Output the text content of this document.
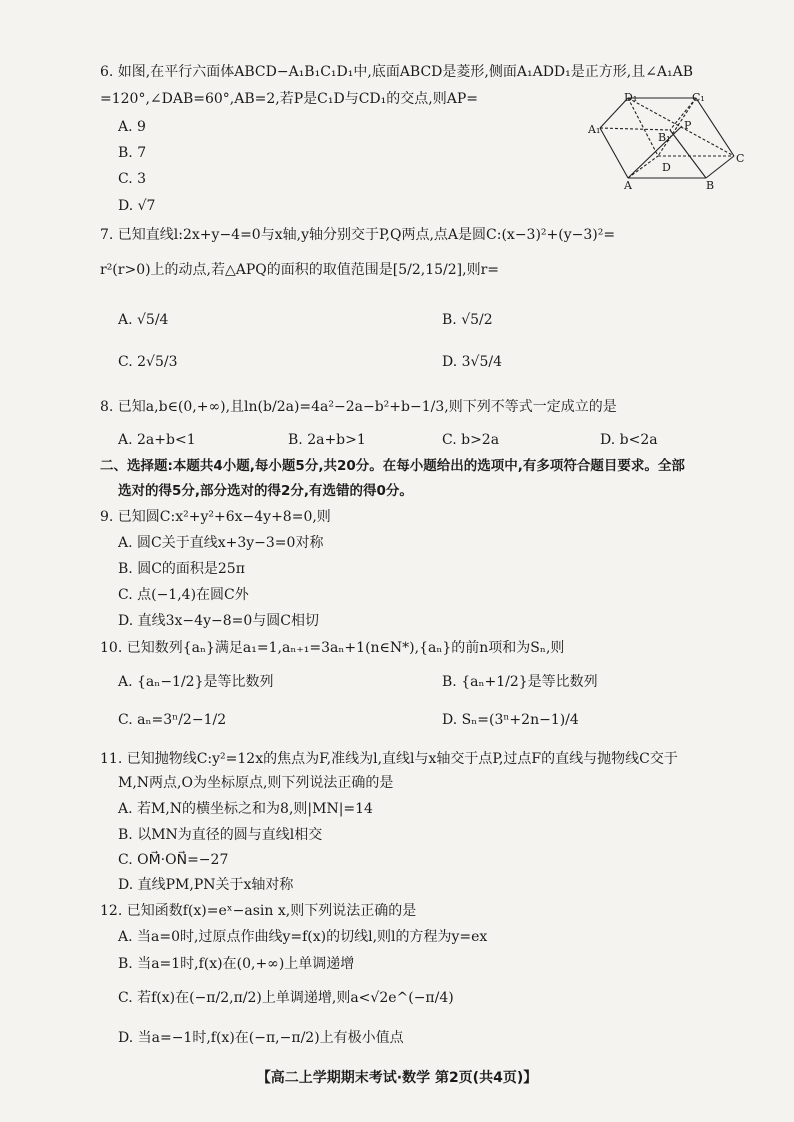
6. 如图,在平行六面体ABCD−A₁B₁C₁D₁中,底面ABCD是菱形,侧面A₁ADD₁是正方形,且∠A₁AB
=120°,∠DAB=60°,AB=2,若P是C₁D与CD₁的交点,则AP=
A. 9
B. 7
C. 3
D. √7
D₁	C₁
A₁
B₁
P
D
C
A	B
7. 已知直线l:2x+y−4=0与x轴,y轴分别交于P,Q两点,点A是圆C:(x−3)²+(y−3)²=
r²(r>0)上的动点,若△APQ的面积的取值范围是[5/2,15/2],则r=
A. √5/4	B. √5/2
C. 2√5/3	D. 3√5/4
8. 已知a,b∈(0,+∞),且ln(b/2a)=4a²−2a−b²+b−1/3,则下列不等式一定成立的是
A. 2a+b<1	B. 2a+b>1	C. b>2a	D. b<2a
二、选择题:本题共4小题,每小题5分,共20分。在每小题给出的选项中,有多项符合题目要求。全部
选对的得5分,部分选对的得2分,有选错的得0分。
9. 已知圆C:x²+y²+6x−4y+8=0,则
A. 圆C关于直线x+3y−3=0对称
B. 圆C的面积是25π
C. 点(−1,4)在圆C外
D. 直线3x−4y−8=0与圆C相切
10. 已知数列{aₙ}满足a₁=1,aₙ₊₁=3aₙ+1(n∈N*),{aₙ}的前n项和为Sₙ,则
A. {aₙ−1/2}是等比数列	B. {aₙ+1/2}是等比数列
C. aₙ=3ⁿ/2−1/2	D. Sₙ=(3ⁿ+2n−1)/4
11. 已知抛物线C:y²=12x的焦点为F,准线为l,直线l与x轴交于点P,过点F的直线与抛物线C交于
M,N两点,O为坐标原点,则下列说法正确的是
A. 若M,N的横坐标之和为8,则|MN|=14
B. 以MN为直径的圆与直线l相交
C. OM⃗·ON⃗=−27
D. 直线PM,PN关于x轴对称
12. 已知函数f(x)=eˣ−asin x,则下列说法正确的是
A. 当a=0时,过原点作曲线y=f(x)的切线l,则l的方程为y=ex
B. 当a=1时,f(x)在(0,+∞)上单调递增
C. 若f(x)在(−π/2,π/2)上单调递增,则a<√2e^(−π/4)
D. 当a=−1时,f(x)在(−π,−π/2)上有极小值点
【高二上学期期末考试·数学 第2页(共4页)】
